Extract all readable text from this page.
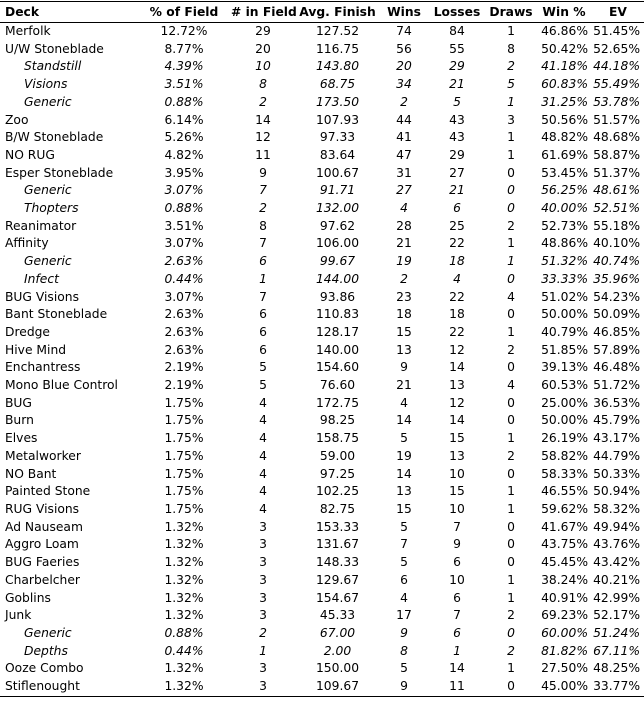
Deck	% of Field	# in Field	Avg. Finish	Wins	Losses	Draws	Win %	EV
Merfolk	12.72%	29	127.52	74	84	1	46.86%	51.45%
U/W Stoneblade	8.77%	20	116.75	56	55	8	50.42%	52.65%
Standstill	4.39%	10	143.80	20	29	2	41.18%	44.18%
Visions	3.51%	8	68.75	34	21	5	60.83%	55.49%
Generic	0.88%	2	173.50	2	5	1	31.25%	53.78%
Zoo	6.14%	14	107.93	44	43	3	50.56%	51.57%
B/W Stoneblade	5.26%	12	97.33	41	43	1	48.82%	48.68%
NO RUG	4.82%	11	83.64	47	29	1	61.69%	58.87%
Esper Stoneblade	3.95%	9	100.67	31	27	0	53.45%	51.37%
Generic	3.07%	7	91.71	27	21	0	56.25%	48.61%
Thopters	0.88%	2	132.00	4	6	0	40.00%	52.51%
Reanimator	3.51%	8	97.62	28	25	2	52.73%	55.18%
Affinity	3.07%	7	106.00	21	22	1	48.86%	40.10%
Generic	2.63%	6	99.67	19	18	1	51.32%	40.74%
Infect	0.44%	1	144.00	2	4	0	33.33%	35.96%
BUG Visions	3.07%	7	93.86	23	22	4	51.02%	54.23%
Bant Stoneblade	2.63%	6	110.83	18	18	0	50.00%	50.09%
Dredge	2.63%	6	128.17	15	22	1	40.79%	46.85%
Hive Mind	2.63%	6	140.00	13	12	2	51.85%	57.89%
Enchantress	2.19%	5	154.60	9	14	0	39.13%	46.48%
Mono Blue Control	2.19%	5	76.60	21	13	4	60.53%	51.72%
BUG	1.75%	4	172.75	4	12	0	25.00%	36.53%
Burn	1.75%	4	98.25	14	14	0	50.00%	45.79%
Elves	1.75%	4	158.75	5	15	1	26.19%	43.17%
Metalworker	1.75%	4	59.00	19	13	2	58.82%	44.79%
NO Bant	1.75%	4	97.25	14	10	0	58.33%	50.33%
Painted Stone	1.75%	4	102.25	13	15	1	46.55%	50.94%
RUG Visions	1.75%	4	82.75	15	10	1	59.62%	58.32%
Ad Nauseam	1.32%	3	153.33	5	7	0	41.67%	49.94%
Aggro Loam	1.32%	3	131.67	7	9	0	43.75%	43.76%
BUG Faeries	1.32%	3	148.33	5	6	0	45.45%	43.42%
Charbelcher	1.32%	3	129.67	6	10	1	38.24%	40.21%
Goblins	1.32%	3	154.67	4	6	1	40.91%	42.99%
Junk	1.32%	3	45.33	17	7	2	69.23%	52.17%
Generic	0.88%	2	67.00	9	6	0	60.00%	51.24%
Depths	0.44%	1	2.00	8	1	2	81.82%	67.11%
Ooze Combo	1.32%	3	150.00	5	14	1	27.50%	48.25%
Stiflenought	1.32%	3	109.67	9	11	0	45.00%	33.77%
